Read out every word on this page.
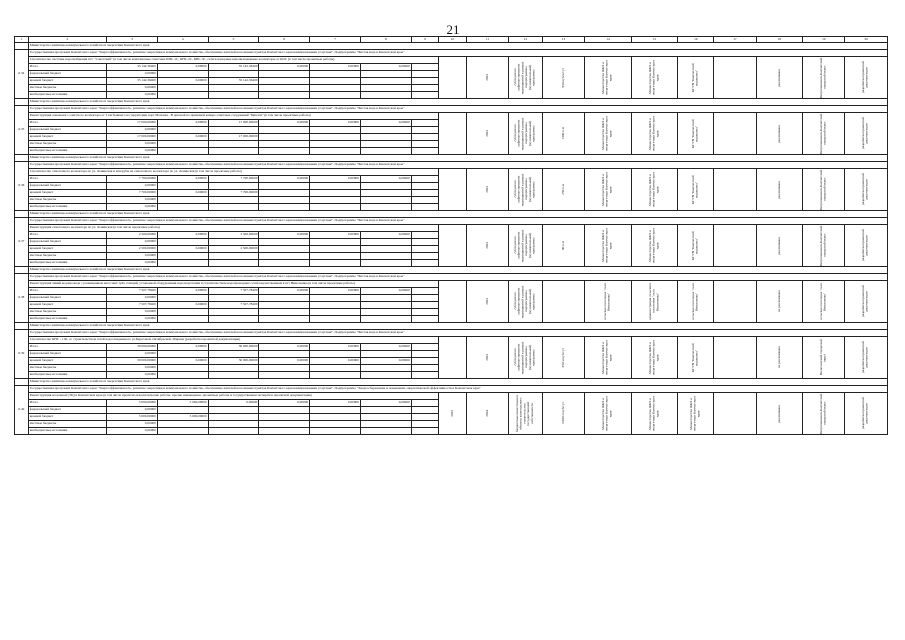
21
1	2	3	4	5	6	7	8	9	10	11	12	13	14	15	16	17	18	19	20
	Министерство жилищно-коммунального хозяйства и энергетики Камчатского края																		
6.34	Государственная программа Камчатского края "Энергоэффективность, развитие энергетики и коммунального хозяйства, обеспечение жителей населенных пунктов Камчатского края коммунальными услугами". Подпрограмма "Чистая вода в Камчатском крае"																		
	Строительство системы водоснабжения пгт. "Советский" (в том числе комплексные очистные КНС-1С, КНС-2С, КНС-3С, сети и напорные канализационные коллекторы от КОС (в том числе проектные работы)									2023	субсидии на софинансирование мероприятий в рамках подпрограммы (муниципальной) программы	950 куб.м/сут	Министерство ЖКХ и энергетики Камчатского края	Министерство ЖКХ и энергетики Камчатского края	КГУП "Камчатский водоканал"		реализовано	Петропавловск-Камчатский городской округ	разработка проектной документации

	Итого	35 142,36400	0,00000	35 142,36400	0,00000	0,00000	0,00000												
	федеральный бюджет	0,00000																	
	краевой бюджет	35 142,36400	0,00000	35 142,36400															
	местные бюджеты	0,00000																	
	внебюджетные источники	0,00000																	
	Министерство жилищно-коммунального хозяйства и энергетики Камчатского края																		
6.35	Государственная программа Камчатского края "Энергоэффективность, развитие энергетики и коммунального хозяйства, обеспечение жителей населенных пунктов Камчатского края коммунальными услугами". Подпрограмма "Чистая вода в Камчатском крае"																		
	Реконструкция локального очистного коллектора от 3 км бывшего на территории порт Моховая - В цеховой по приемной камере очистных сооружений "Циклон" (в том числе проектные работы)									2023	субсидии на софинансирование мероприятий в рамках подпрограммы (муниципальной) программы	1300 п.м	Министерство ЖКХ и энергетики Камчатского края	Министерство ЖКХ и энергетики Камчатского края	КГУП "Камчатский водоканал"		реализовано	Петропавловск-Камчатский городской округ	разработка проектной документации

	Итого	17 000,00000	0,00000	17 000,00000	0,00000	0,00000	0,00000												
	федеральный бюджет	0,00000																	
	краевой бюджет	17 000,00000	0,00000	17 000,00000															
	местные бюджеты	0,00000																	
	внебюджетные источники	0,00000																	
	Министерство жилищно-коммунального хозяйства и энергетики Камчатского края																		
6.36	Государственная программа Камчатского края "Энергоэффективность, развитие энергетики и коммунального хозяйства, обеспечение жителей населенных пунктов Камчатского края коммунальными услугами". Подпрограмма "Чистая вода в Камчатском крае"																		
	Строительство самотечного коллектора по ул. Ленинская и ватерубы на самотечного коллектора по ул. Ленинская (в том числе проектные работы)									2023	субсидии на софинансирование мероприятий в рамках подпрограммы (муниципальной) программы	250 п.м	Министерство ЖКХ и энергетики Камчатского края	Министерство ЖКХ и энергетики Камчатского края	КГУП "Камчатский водоканал"		реализовано	Петропавловск-Камчатский городской округ	разработка проектной документации

	Итого	7 700,00000	0,00000	7 700,00000	0,00000	0,00000	0,00000												
	федеральный бюджет	0,00000																	
	краевой бюджет	7 700,00000	0,00000	7 700,00000															
	местные бюджеты	0,00000																	
	внебюджетные источники	0,00000																	
	Министерство жилищно-коммунального хозяйства и энергетики Камчатского края																		
6.37	Государственная программа Камчатского края "Энергоэффективность, развитие энергетики и коммунального хозяйства, обеспечение жителей населенных пунктов Камчатского края коммунальными услугами". Подпрограмма "Чистая вода в Камчатском крае"																		
	Реконструкция самотечного коллектора по ул. Ленинская (в том числе проектные работы)									2023	субсидии на софинансирование мероприятий в рамках подпрограммы (муниципальной) программы	80 п.м	Министерство ЖКХ и энергетики Камчатского края	Министерство ЖКХ и энергетики Камчатского края	КГУП "Камчатский водоканал"		реализовано	Петропавловск-Камчатский городской округ	разработка проектной документации

	Итого	2 500,00000	0,00000	2 500,00000	0,00000	0,00000	0,00000												
	федеральный бюджет	0,00000																	
	краевой бюджет	2 500,00000	0,00000	2 500,00000															
	местные бюджеты	0,00000																	
	внебюджетные источники	0,00000																	
	Министерство жилищно-коммунального хозяйства и энергетики Камчатского края																		
6.38	Государственная программа Камчатского края "Энергоэффективность, развитие энергетики и коммунального хозяйства, обеспечение жителей населенных пунктов Камчатского края коммунальными услугами". Подпрограмма "Чистая вода в Камчатском крае"																		
	Реконструкция линий водопровода с размещением насосных трёх станций, установкой оборудования водоподготовки и строительством водопроводных сетей ведомственным в пгт Николаевка (в том числе проектные работы)									2023	субсидии на софинансирование мероприятий в рамках подпрограммы (муниципальной) программы		сельское поселение "село Николаевка"	администрация сельского поселения "село Николаевка"	сельское поселение "село Николаевка"		не реализовано	сельское поселение "село Николаевка"	разработка проектной документации

	Итого	7 507,78400	0,00000	7 507,78400	0,00000	0,00000	0,00000												
	федеральный бюджет	0,00000																	
	краевой бюджет	7 507,78400	0,00000	7 507,78400															
	местные бюджеты	0,00000																	
	внебюджетные источники	0,00000																	
	Министерство жилищно-коммунального хозяйства и энергетики Камчатского края																		
6.39	Государственная программа Камчатского края "Энергоэффективность, развитие энергетики и коммунального хозяйства, обеспечение жителей населенных пунктов Камчатского края коммунальными услугами". Подпрограмма "Чистая вода в Камчатском крае"																		
	Строительство КНС - 11К, со строительством сетей водоотведения по ул.Береговой, Октябрьской, Мирная (разработка проектной документации)									2023	субсидии на софинансирование мероприятий в рамках подпрограммы (муниципальной) программы	350 м куб/сут	Министерство ЖКХ и энергетики Камчатского края	Министерство ЖКХ и энергетики Камчатского края	КГУП "Камчатский водоканал"		не реализовано	Вилючинский городской округ	разработка проектной документации

	Итого	30 000,00000	0,00000	30 000,00000	0,00000	0,00000	0,00000												
	федеральный бюджет	0,00000																	
	краевой бюджет	30 000,00000	0,00000	30 000,00000	0,00000	0,00000	0,00000												
	местные бюджеты	0,00000																	
	внебюджетные источники	0,00000																	
	Министерство жилищно-коммунального хозяйства и энергетики Камчатского края																		
6.40	Государственная программа Камчатского края "Энергоэффективность, развитие энергетики и коммунального хозяйства, обеспечение жителей населенных пунктов Камчатского края коммунальными услугами". Подпрограмма "Энергосбережение и повышение энергетической эффективности в Камчатском крае"																		
	Реконструкция котельной (ЭЦ) в Камчатском крае (в том числе проектно-изыскательские работы, прочие инженерные, проектные работы и государственная экспертиза проектной документации)								2025	2024	бюджетные инвестиции в объекты капитального строительства государственной собственности	3 000 м куб/сут	Министерство ЖКХ и энергетики Камчатского края	Министерство ЖКХ и энергетики Камчатского края	Министерство ЖКХ и энергетики Камчатского края		реализовано	Петропавловск-Камчатский городской округ	разработка проектной документации

	Итого	5 000,00000	5 000,00000	0,00000	0,00000	0,00000	0,00000												
	федеральный бюджет	0,00000																	
	краевой бюджет	5 000,00000	5 000,00000																
	местные бюджеты	0,00000																	
	внебюджетные источники	0,00000																	
